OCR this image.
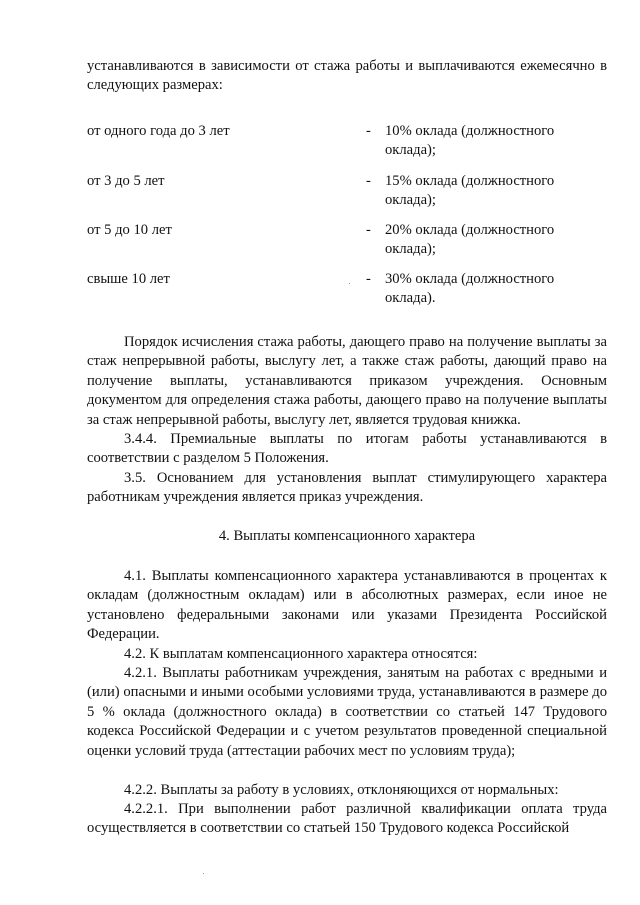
устанавливаются в зависимости от стажа работы и выплачиваются ежемесячно в следующих размерах:
от одного года до 3 лет	- 10% оклада (должностного оклада);
от 3 до 5 лет	- 15% оклада (должностного оклада);
от 5 до 10 лет	- 20% оклада (должностного оклада);
свыше 10 лет	- 30% оклада (должностного оклада).
Порядок исчисления стажа работы, дающего право на получение выплаты за стаж непрерывной работы, выслугу лет, а также стаж работы, дающий право на получение выплаты, устанавливаются приказом учреждения. Основным документом для определения стажа работы, дающего право на получение выплаты за стаж непрерывной работы, выслугу лет, является трудовая книжка.
3.4.4. Премиальные выплаты по итогам работы устанавливаются в соответствии с разделом 5 Положения.
3.5. Основанием для установления выплат стимулирующего характера работникам учреждения является приказ учреждения.
4. Выплаты компенсационного характера
4.1. Выплаты компенсационного характера устанавливаются в процентах к окладам (должностным окладам) или в абсолютных размерах, если иное не установлено федеральными законами или указами Президента Российской Федерации.
4.2. К выплатам компенсационного характера относятся:
4.2.1. Выплаты работникам учреждения, занятым на работах с вредными и (или) опасными и иными особыми условиями труда, устанавливаются в размере до 5 % оклада (должностного оклада) в соответствии со статьей 147 Трудового кодекса Российской Федерации и с учетом результатов проведенной специальной оценки условий труда (аттестации рабочих мест по условиям труда);
4.2.2. Выплаты за работу в условиях, отклоняющихся от нормальных:
4.2.2.1. При выполнении работ различной квалификации оплата труда осуществляется в соответствии со статьей 150 Трудового кодекса Российской
